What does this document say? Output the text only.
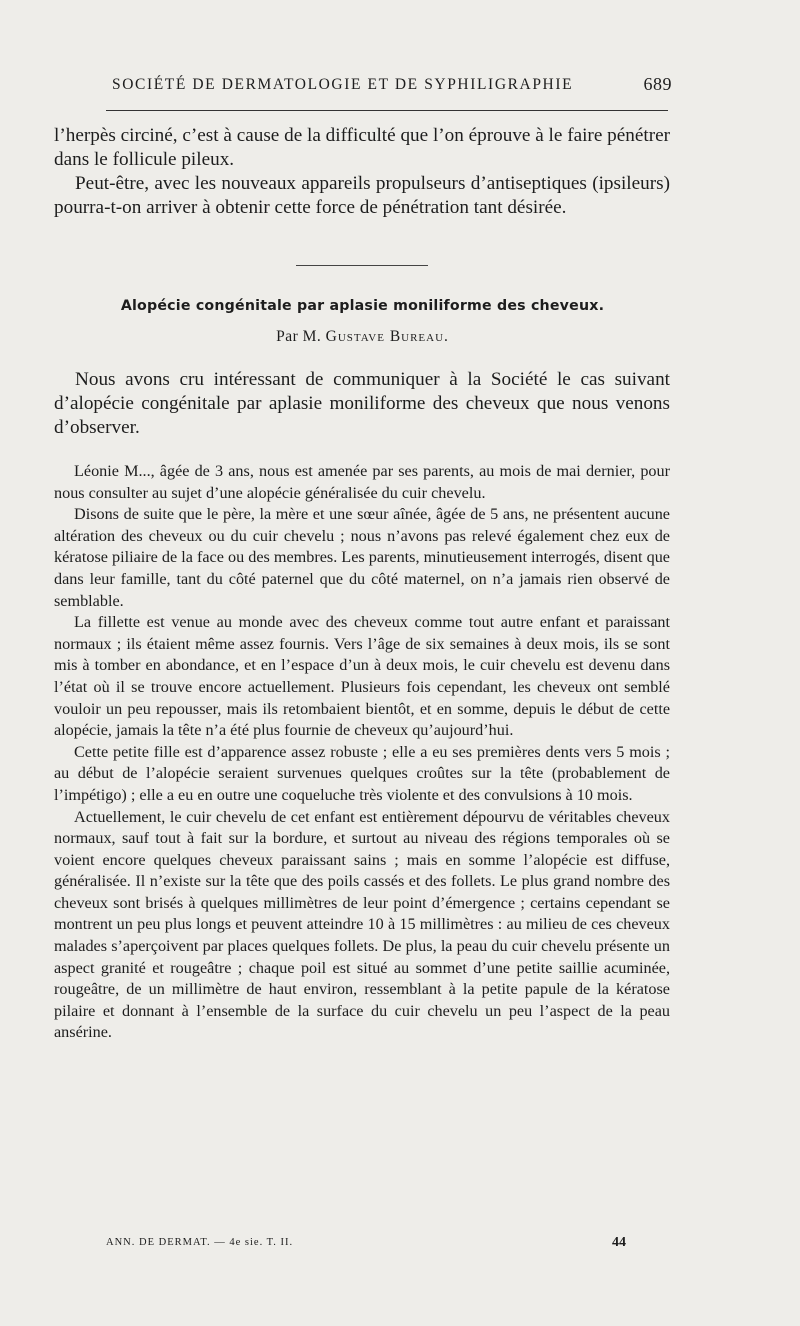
SOCIÉTÉ DE DERMATOLOGIE ET DE SYPHILIGRAPHIE	689

l’herpès circiné, c’est à cause de la difficulté que l’on éprouve à le faire pénétrer dans le follicule pileux.

Peut-être, avec les nouveaux appareils propulseurs d’antiseptiques (ipsileurs) pourra-t-on arriver à obtenir cette force de pénétration tant désirée.

Alopécie congénitale par aplasie moniliforme des cheveux.
Par M. Gustave Bureau.
Nous avons cru intéressant de communiquer à la Société le cas suivant d’alopécie congénitale par aplasie moniliforme des cheveux que nous venons d’observer.

Léonie M..., âgée de 3 ans, nous est amenée par ses parents, au mois de mai dernier, pour nous consulter au sujet d’une alopécie généralisée du cuir chevelu.

Disons de suite que le père, la mère et une sœur aînée, âgée de 5 ans, ne présentent aucune altération des cheveux ou du cuir chevelu ; nous n’avons pas relevé également chez eux de kératose piliaire de la face ou des membres. Les parents, minutieusement interrogés, disent que dans leur famille, tant du côté paternel que du côté maternel, on n’a jamais rien observé de semblable.

La fillette est venue au monde avec des cheveux comme tout autre enfant et paraissant normaux ; ils étaient même assez fournis. Vers l’âge de six semaines à deux mois, ils se sont mis à tomber en abondance, et en l’espace d’un à deux mois, le cuir chevelu est devenu dans l’état où il se trouve encore actuellement. Plusieurs fois cependant, les cheveux ont semblé vouloir un peu repousser, mais ils retombaient bientôt, et en somme, depuis le début de cette alopécie, jamais la tête n’a été plus fournie de cheveux qu’aujourd’hui.

Cette petite fille est d’apparence assez robuste ; elle a eu ses premières dents vers 5 mois ; au début de l’alopécie seraient survenues quelques croûtes sur la tête (probablement de l’impétigo) ; elle a eu en outre une coqueluche très violente et des convulsions à 10 mois.

Actuellement, le cuir chevelu de cet enfant est entièrement dépourvu de véritables cheveux normaux, sauf tout à fait sur la bordure, et surtout au niveau des régions temporales où se voient encore quelques cheveux paraissant sains ; mais en somme l’alopécie est diffuse, généralisée. Il n’existe sur la tête que des poils cassés et des follets. Le plus grand nombre des cheveux sont brisés à quelques millimètres de leur point d’émergence ; certains cependant se montrent un peu plus longs et peuvent atteindre 10 à 15 millimètres : au milieu de ces cheveux malades s’aperçoivent par places quelques follets. De plus, la peau du cuir chevelu présente un aspect granité et rougeâtre ; chaque poil est situé au sommet d’une petite saillie acuminée, rougeâtre, de un millimètre de haut environ, ressemblant à la petite papule de la kératose pilaire et donnant à l’ensemble de la surface du cuir chevelu un peu l’aspect de la peau ansérine.

ANN. DE DERMAT. — 4e sie. T. II.	44
